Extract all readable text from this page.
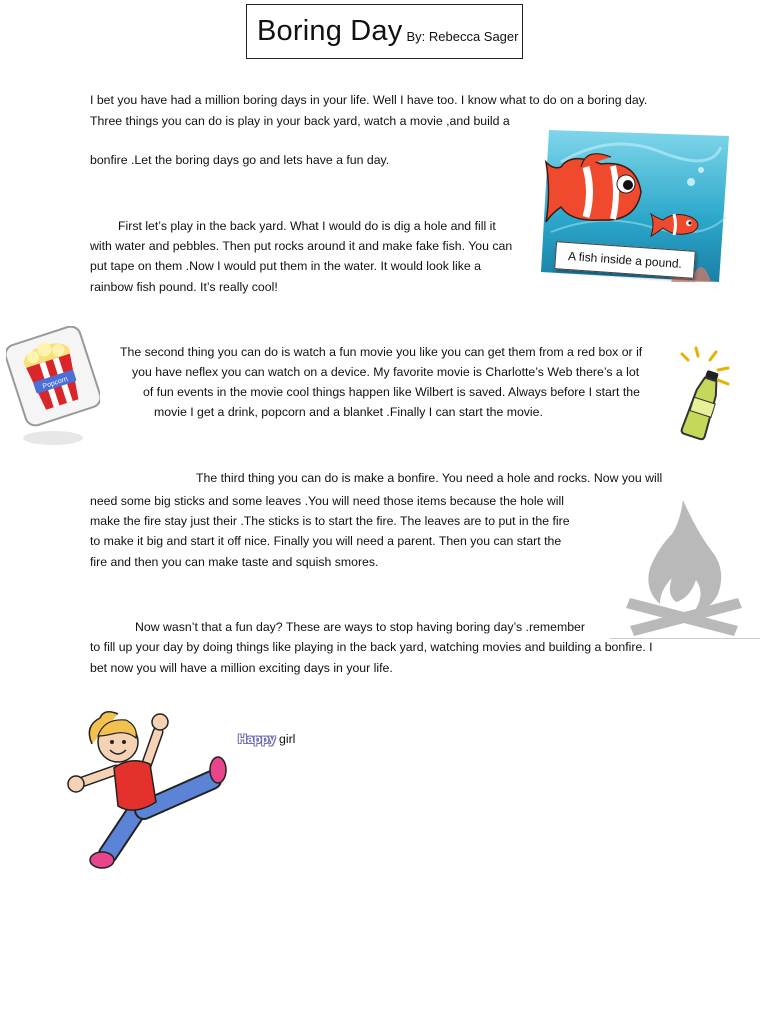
Boring Day By: Rebecca Sager
I bet you have had a million boring days in your life. Well I have too. I know what to do on a boring day.
Three things you can do is play in your back yard, watch a movie ,and build a
bonfire .Let the boring days go and lets have a fun day.
First let’s play in the back yard. What I would do is dig a hole and fill it
with water and pebbles. Then put rocks around it and make fake fish. You can
put tape on them .Now I would put them in the water. It would look like a
rainbow fish pound. It’s really cool!
A fish inside a pound.
Popcorn
The second thing you can do is watch a fun movie you like you can get them from a red box or if
you have neflex you can watch on a device. My favorite movie is Charlotte’s Web there’s a lot
of fun events in the movie cool things happen like Wilbert is saved. Always before I start the
movie I get a drink, popcorn and a blanket .Finally I can start the movie.
The third thing you can do is make a bonfire. You need a hole and rocks. Now you will
need some big sticks and some leaves .You will need those items because the hole will
make the fire stay just their .The sticks is to start the fire. The leaves are to put in the fire
to make it big and start it off nice. Finally you will need a parent. Then you can start the
fire and then you can make taste and squish smores.
Now wasn’t that a fun day? These are ways to stop having boring day’s .remember
to fill up your day by doing things like playing in the back yard, watching movies and building a bonfire. I
bet now you will have a million exciting days in your life.
Happy girl
